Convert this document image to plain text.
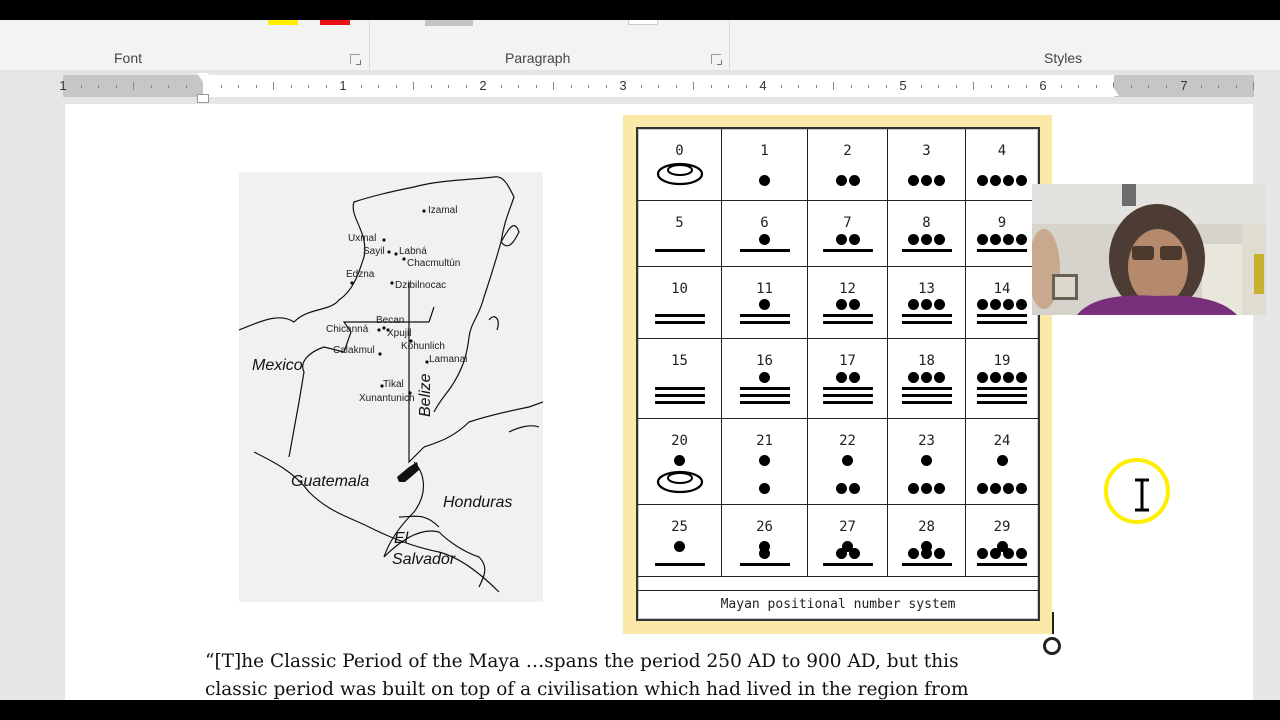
Font	Paragraph	Styles
1	1	2	3	4	5	6	7
Izamal
Uxmal
Sayil Labná
Chacmultún
Edzna
Dzibilnocac
Becan
Chicanná Xpujil
Kohunlich
Calakmul
Lamanai
Tikal
Xunantunich
Mexico
Belize
Guatemala
Honduras
El
Salvador
0	1	2	3	4
5	6	7	8	9
10	11	12	13	14
15	16	17	18	19
20	21	22	23	24
25	26	27	28	29
Mayan positional number system
“[T]he Classic Period of the Maya …spans the period 250 AD to 900 AD, but this
classic period was built on top of a civilisation which had lived in the region from
